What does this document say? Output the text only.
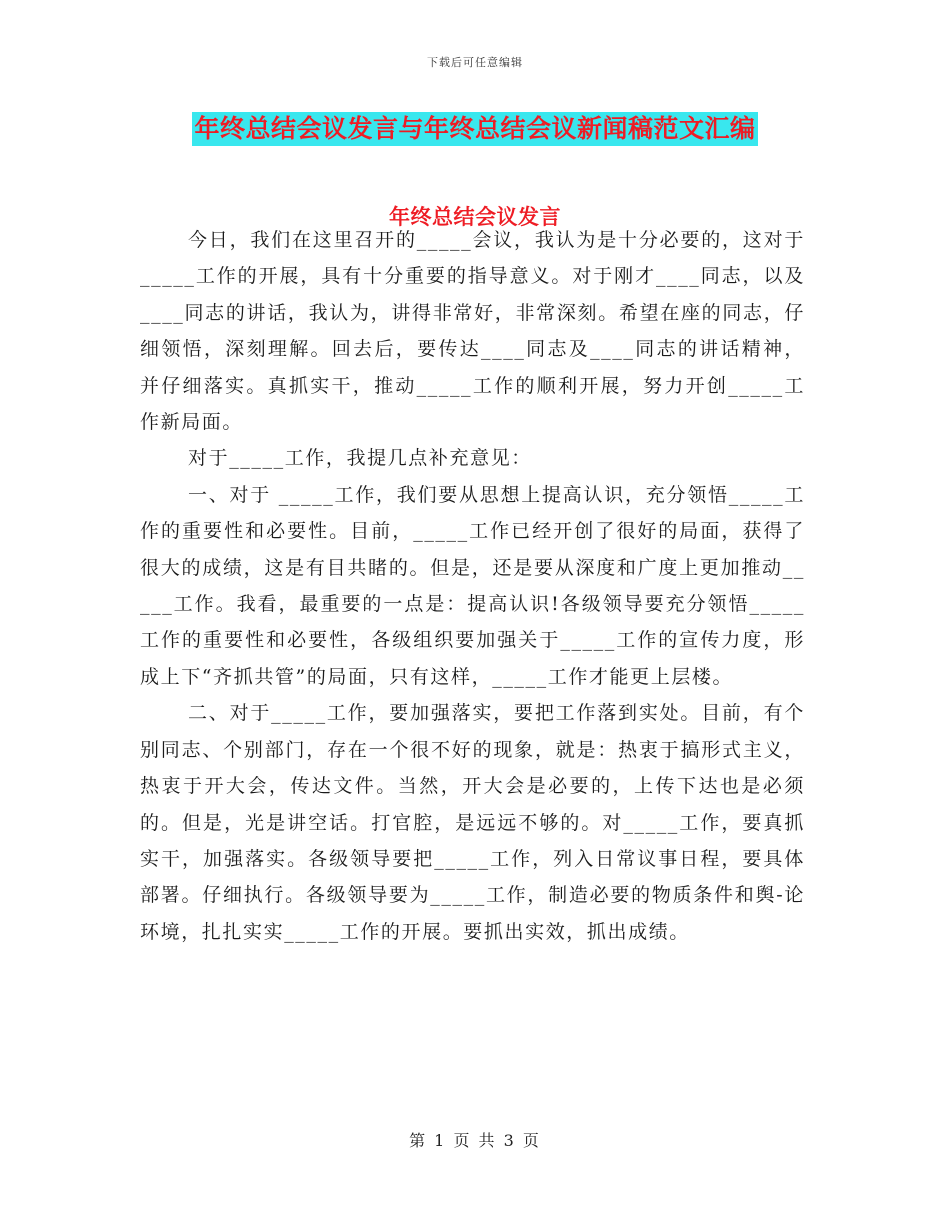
下载后可任意编辑
年终总结会议发言与年终总结会议新闻稿范文汇编
年终总结会议发言

今日，我们在这里召开的_____会议，我认为是十分必要的，这对于_____工作的开展，具有十分重要的指导意义。对于刚才____同志，以及____同志的讲话，我认为，讲得非常好，非常深刻。希望在座的同志，仔细领悟，深刻理解。回去后，要传达____同志及____同志的讲话精神，并仔细落实。真抓实干，推动_____工作的顺利开展，努力开创_____工作新局面。

对于_____工作，我提几点补充意见：

一、对于 _____工作，我们要从思想上提高认识，充分领悟_____工作的重要性和必要性。目前，_____工作已经开创了很好的局面，获得了很大的成绩，这是有目共睹的。但是，还是要从深度和广度上更加推动_____工作。我看，最重要的一点是：提高认识!各级领导要充分领悟_____工作的重要性和必要性，各级组织要加强关于_____工作的宣传力度，形成上下“齐抓共管”的局面，只有这样，_____工作才能更上层楼。

二、对于_____工作，要加强落实，要把工作落到实处。目前，有个别同志、个别部门，存在一个很不好的现象，就是：热衷于搞形式主义，热衷于开大会，传达文件。当然，开大会是必要的，上传下达也是必须的。但是，光是讲空话。打官腔，是远远不够的。对_____工作，要真抓实干，加强落实。各级领导要把_____工作，列入日常议事日程，要具体部署。仔细执行。各级领导要为_____工作，制造必要的物质条件和舆-论环境，扎扎实实_____工作的开展。要抓出实效，抓出成绩。

第 1 页 共 3 页
